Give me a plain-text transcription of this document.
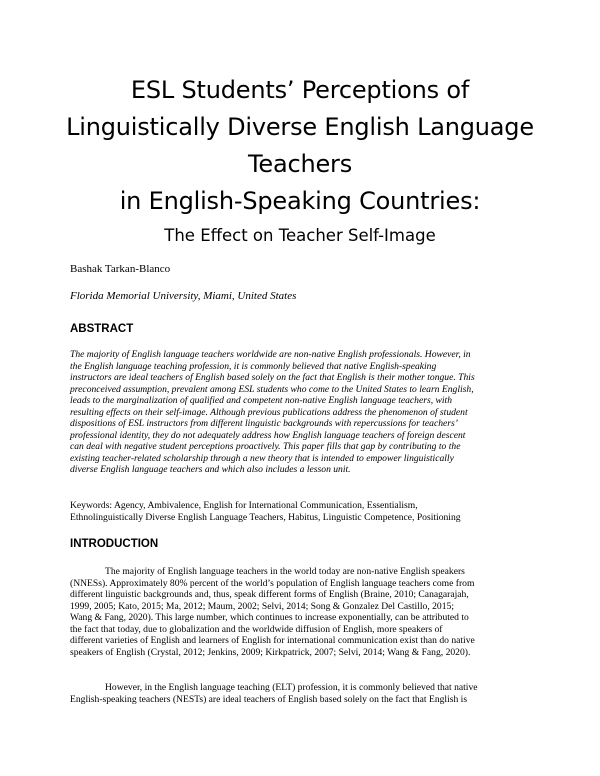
ESL Students’ Perceptions of
Linguistically Diverse English Language
Teachers
in English-Speaking Countries:
The Effect on Teacher Self-Image
Bashak Tarkan-Blanco
Florida Memorial University, Miami, United States
ABSTRACT
The majority of English language teachers worldwide are non-native English professionals. However, in
the English language teaching profession, it is commonly believed that native English-speaking
instructors are ideal teachers of English based solely on the fact that English is their mother tongue. This
preconceived assumption, prevalent among ESL students who come to the United States to learn English,
leads to the marginalization of qualified and competent non-native English language teachers, with
resulting effects on their self-image. Although previous publications address the phenomenon of student
dispositions of ESL instructors from different linguistic backgrounds with repercussions for teachers’
professional identity, they do not adequately address how English language teachers of foreign descent
can deal with negative student perceptions proactively. This paper fills that gap by contributing to the
existing teacher-related scholarship through a new theory that is intended to empower linguistically
diverse English language teachers and which also includes a lesson unit.
Keywords: Agency, Ambivalence, English for International Communication, Essentialism,
Ethnolinguistically Diverse English Language Teachers, Habitus, Linguistic Competence, Positioning
INTRODUCTION
The majority of English language teachers in the world today are non-native English speakers
(NNESs). Approximately 80% percent of the world’s population of English language teachers come from
different linguistic backgrounds and, thus, speak different forms of English (Braine, 2010; Canagarajah,
1999, 2005; Kato, 2015; Ma, 2012; Maum, 2002; Selvi, 2014; Song & Gonzalez Del Castillo, 2015;
Wang & Fang, 2020). This large number, which continues to increase exponentially, can be attributed to
the fact that today, due to globalization and the worldwide diffusion of English, more speakers of
different varieties of English and learners of English for international communication exist than do native
speakers of English (Crystal, 2012; Jenkins, 2009; Kirkpatrick, 2007; Selvi, 2014; Wang & Fang, 2020).
However, in the English language teaching (ELT) profession, it is commonly believed that native
English-speaking teachers (NESTs) are ideal teachers of English based solely on the fact that English is
